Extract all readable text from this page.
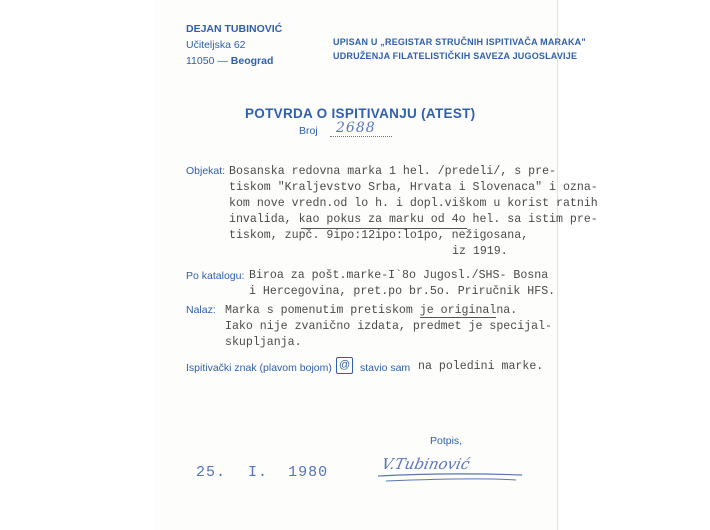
DEJAN TUBINOVIĆ
Učiteljska 62
11050 — Beograd
UPISAN U „REGISTAR STRUČNIH ISPITIVAČA MARAKA"
UDRUŽENJA FILATELISTIČKIH SAVEZA JUGOSLAVIJE
POTVRDA O ISPITIVANJU (ATEST)
Broj 2688
Objekat: Bosanska redovna marka 1 hel. /predeli/, s pre-
tiskom "Kraljevstvo Srba, Hrvata i Slovenaca" i ozna-
kom nove vredn.od lo h. i dopl.viškom u korist ratnih
invalida, kao pokus za marku od 4o hel. sa istim pre-
tiskom, zupč. 9ipo:12ipo:lo1po, nežigosana,
iz 1919.
Po katalogu: Biroa za pošt.marke-I`8o Jugosl./SHS- Bosna
i Hercegovina, pret.po br.5o. Priručnik HFS.
Nalaz: Marka s pomenutim pretiskom je originalna.
Iako nije zvanično izdata, predmet je specijal-
skupljanja.
Ispitivački znak (plavom bojom) @ stavio sam na poledini marke.
Potpis,
V.Tubinović
25. I. 1980
